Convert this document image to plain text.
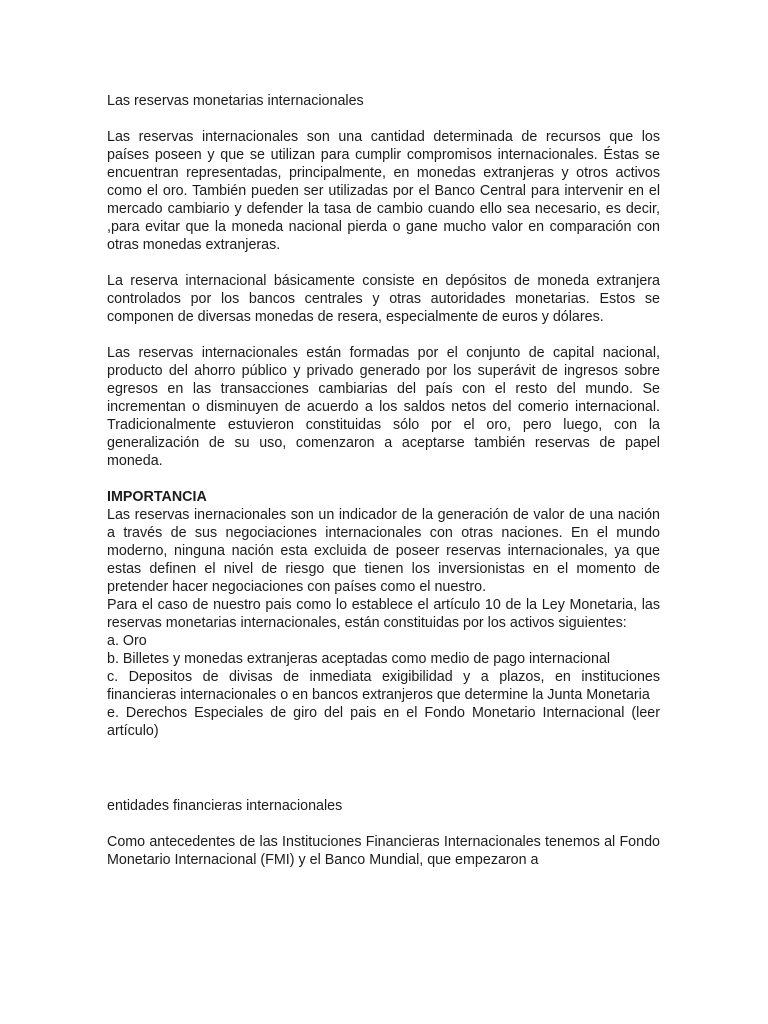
Las reservas monetarias internacionales

Las reservas internacionales son una cantidad determinada de recursos que los países poseen y que se utilizan para cumplir compromisos internacionales. Éstas se encuentran representadas, principalmente, en monedas extranjeras y otros activos como el oro. También pueden ser utilizadas por el Banco Central para intervenir en el mercado cambiario y defender la tasa de cambio cuando ello sea necesario, es decir, ,para evitar que la moneda nacional pierda o gane mucho valor en comparación con otras monedas extranjeras.

La reserva internacional básicamente consiste en depósitos de moneda extranjera controlados por los bancos centrales y otras autoridades monetarias. Estos se componen de diversas monedas de resera, especialmente de euros y dólares.

Las reservas internacionales están formadas por el conjunto de capital nacional, producto del ahorro público y privado generado por los superávit de ingresos sobre egresos en las transacciones cambiarias del país con el resto del mundo. Se incrementan o disminuyen de acuerdo a los saldos netos del comerio internacional. Tradicionalmente estuvieron constituidas sólo por el oro, pero luego, con la generalización de su uso, comenzaron a aceptarse también reservas de papel moneda.

IMPORTANCIA

Las reservas inernacionales son un indicador de la generación de valor de una nación a través de sus negociaciones internacionales con otras naciones. En el mundo moderno, ninguna nación esta excluida de poseer reservas internacionales, ya que estas definen el nivel de riesgo que tienen los inversionistas en el momento de pretender hacer negociaciones con países como el nuestro.

Para el caso de nuestro pais como lo establece el artículo 10 de la Ley Monetaria, las reservas monetarias internacionales, están constituidas por los activos siguientes:

a. Oro

b. Billetes y monedas extranjeras aceptadas como medio de pago internacional

c. Depositos de divisas de inmediata exigibilidad y a plazos, en instituciones financieras internacionales o en bancos extranjeros que determine la Junta Monetaria

e. Derechos Especiales de giro del pais en el Fondo Monetario Internacional (leer artículo)

entidades financieras internacionales

Como antecedentes de las Instituciones Financieras Internacionales tenemos al Fondo Monetario Internacional (FMI) y el Banco Mundial, que empezaron a
